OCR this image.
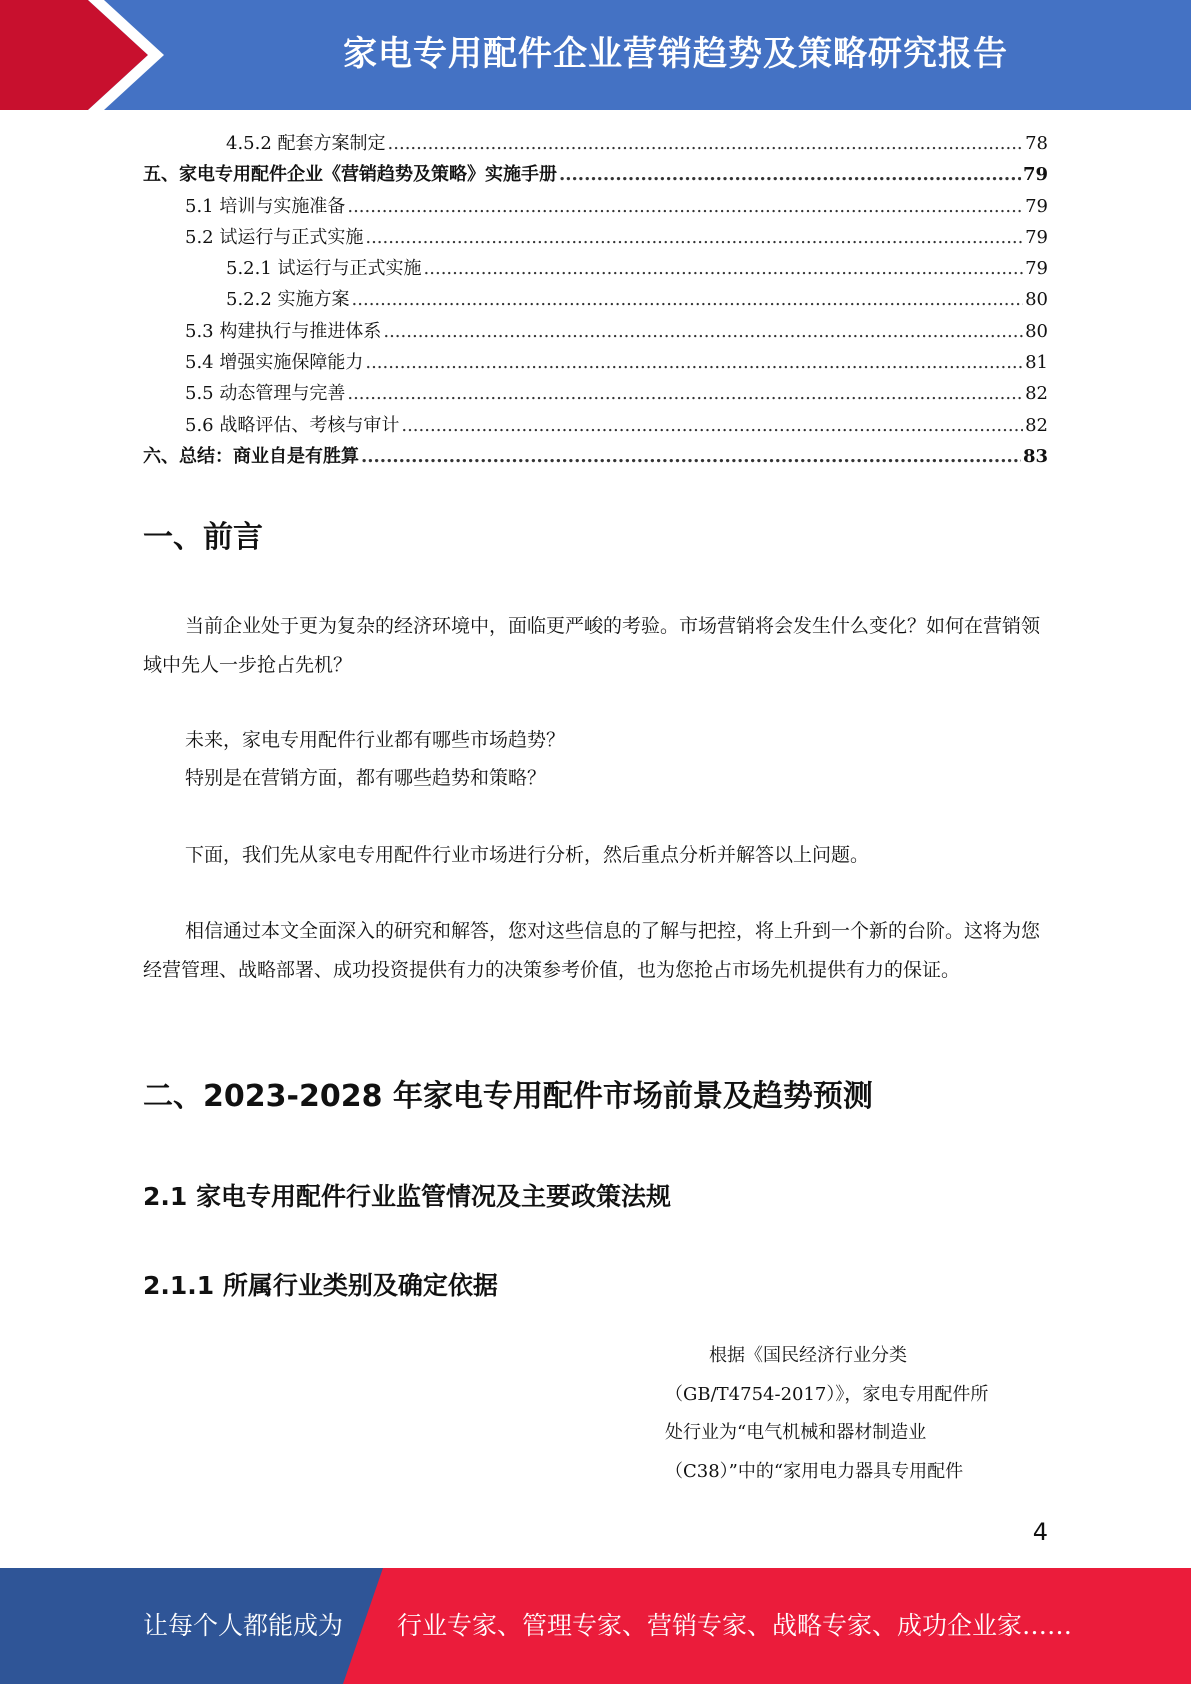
家电专用配件企业营销趋势及策略研究报告
4.5.2 配套方案制定 .....	78
五、家电专用配件企业《营销趋势及策略》实施手册 .....	79
5.1 培训与实施准备 .....	79
5.2 试运行与正式实施 .....	79
5.2.1 试运行与正式实施 .....	79
5.2.2 实施方案 .....	80
5.3 构建执行与推进体系 .....	80
5.4 增强实施保障能力 .....	81
5.5 动态管理与完善 .....	82
5.6 战略评估、考核与审计 .....	82
六、总结：商业自是有胜算 .....	83
一、前言

当前企业处于更为复杂的经济环境中，面临更严峻的考验。市场营销将会发生什么变化？如何在营销领域中先人一步抢占先机？

未来，家电专用配件行业都有哪些市场趋势？

特别是在营销方面，都有哪些趋势和策略？

下面，我们先从家电专用配件行业市场进行分析，然后重点分析并解答以上问题。

相信通过本文全面深入的研究和解答，您对这些信息的了解与把控，将上升到一个新的台阶。这将为您经营管理、战略部署、成功投资提供有力的决策参考价值，也为您抢占市场先机提供有力的保证。

二、2023-2028 年家电专用配件市场前景及趋势预测
2.1 家电专用配件行业监管情况及主要政策法规
2.1.1 所属行业类别及确定依据
根据《国民经济行业分类
（GB/T4754-2017）》，家电专用配件所
处行业为“电气机械和器材制造业
（C38）”中的“家用电力器具专用配件
4
让每个人都能成为 行业专家、管理专家、营销专家、战略专家、成功企业家……
